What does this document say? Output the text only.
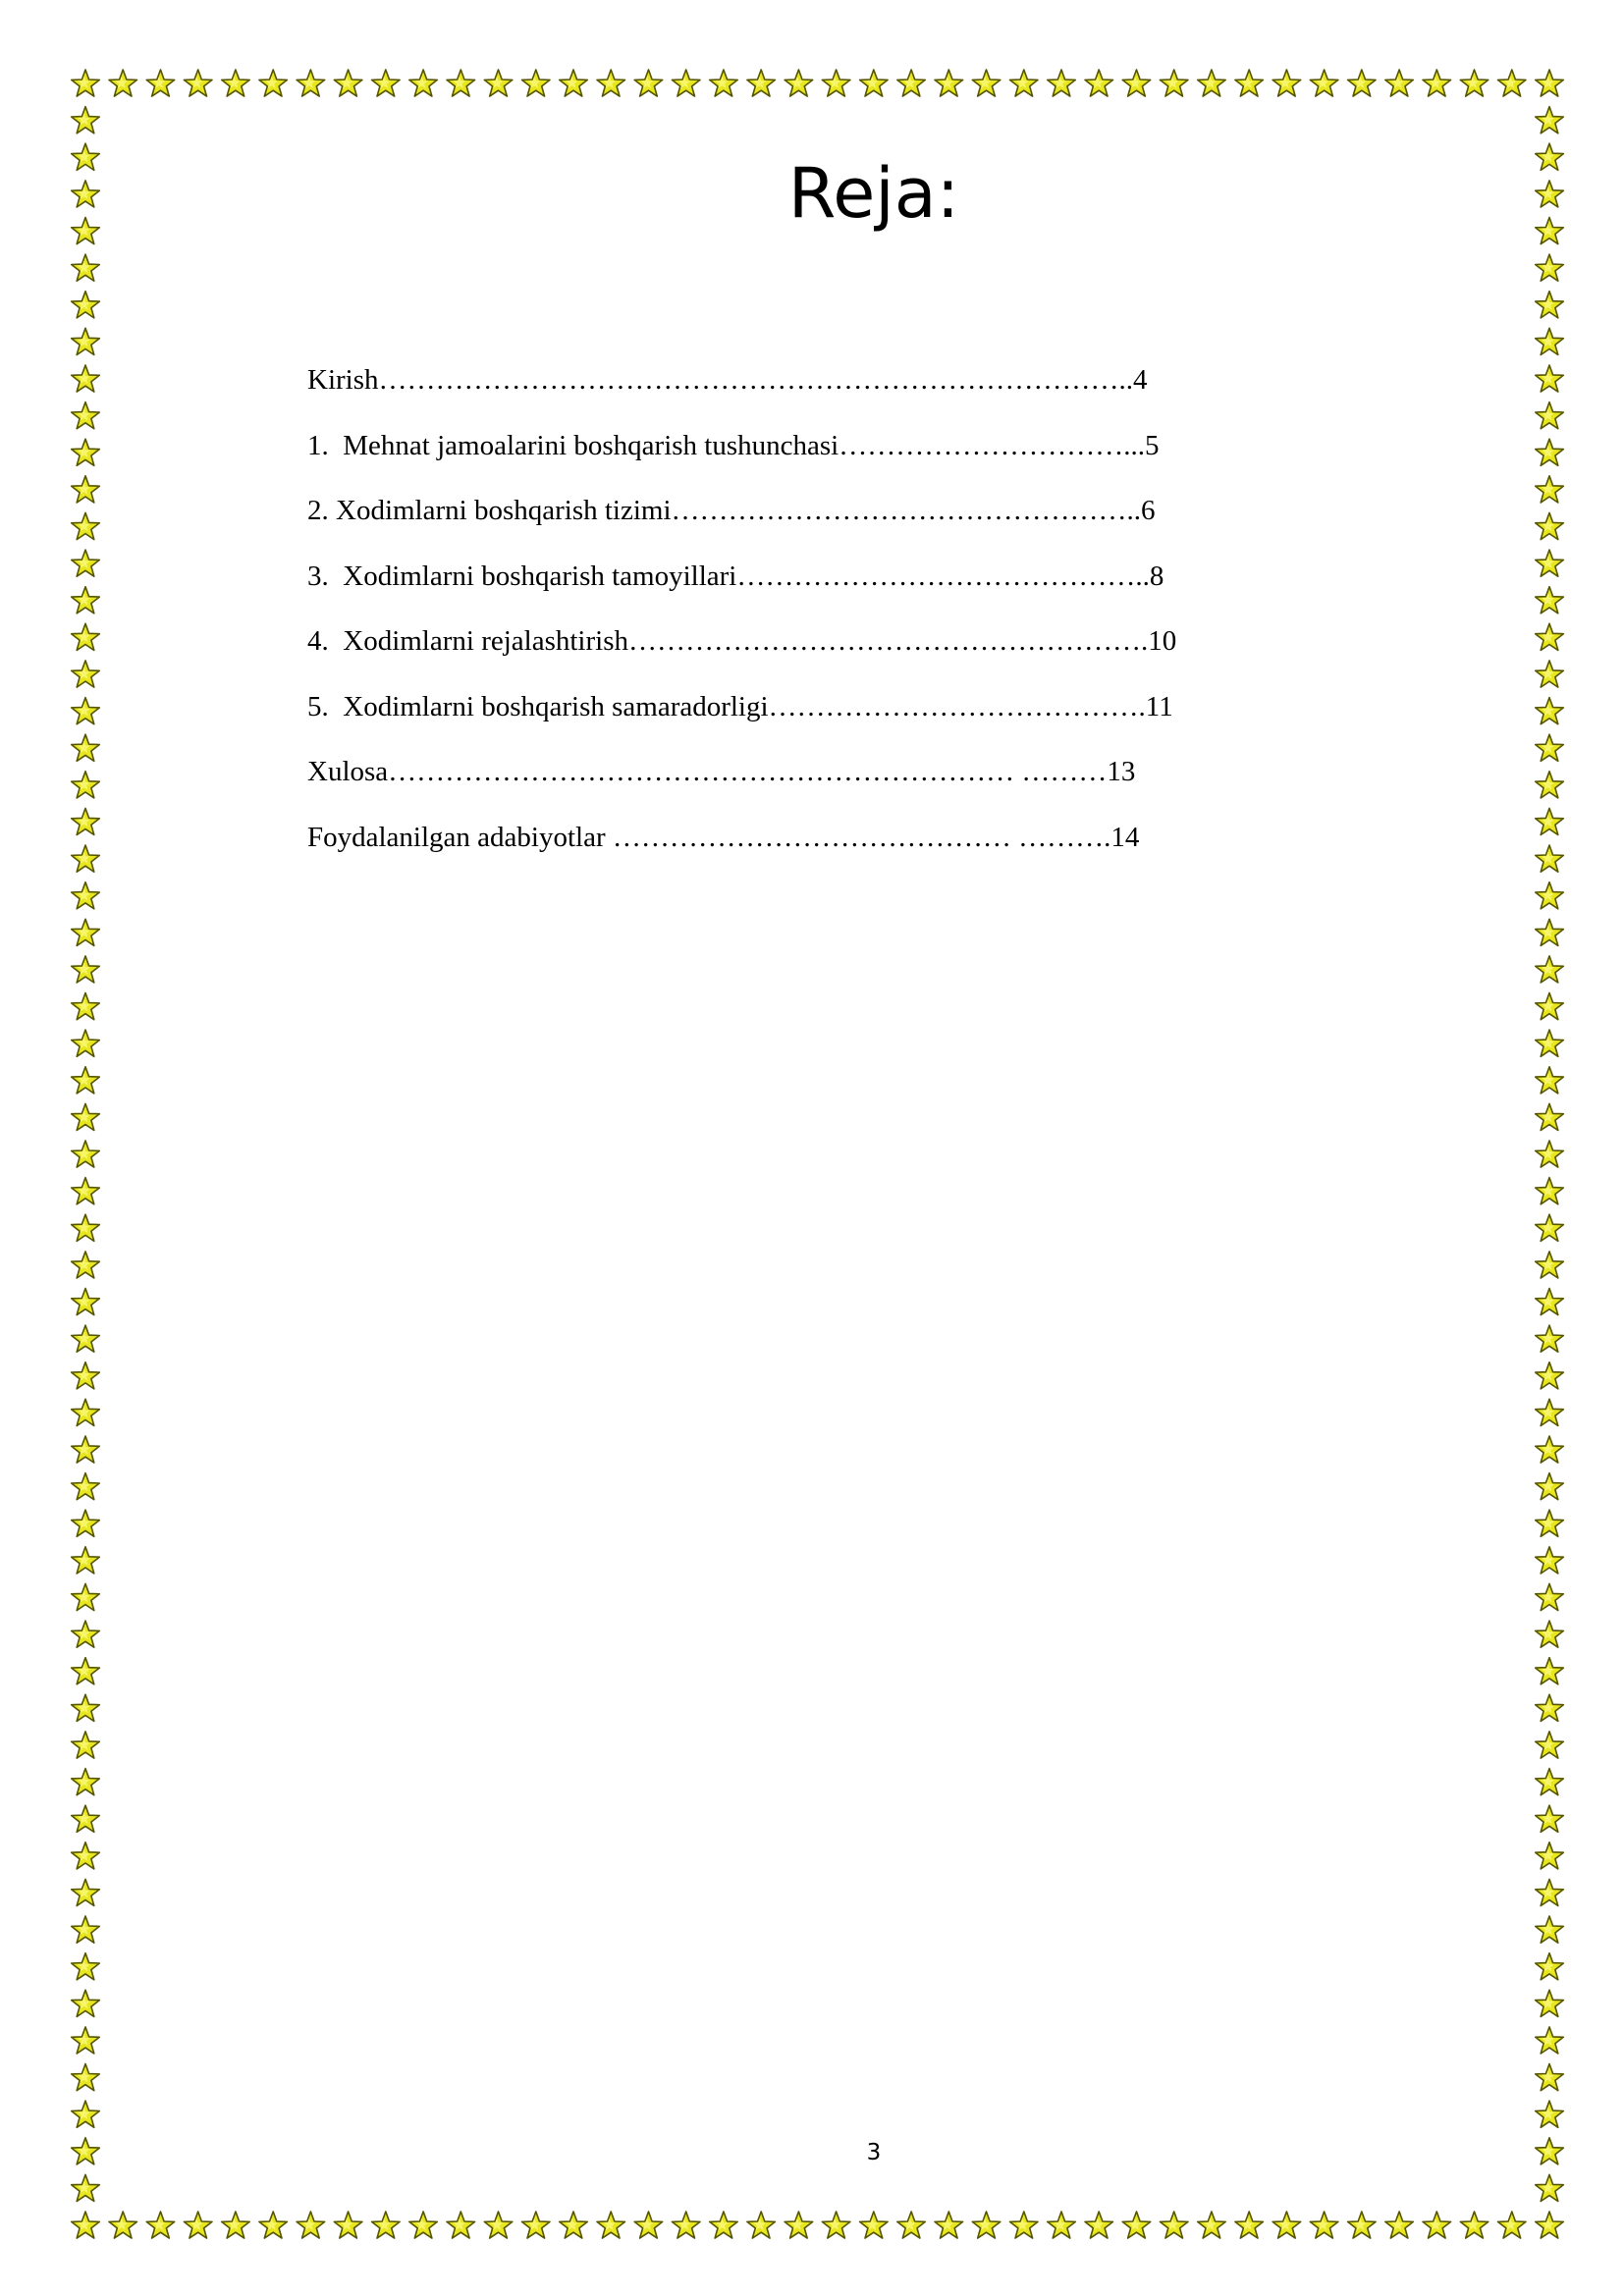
Reja:
Kirish……………………………………………………………………..4
1.  Mehnat jamoalarini boshqarish tushunchasi…………………………...5
2. Xodimlarni boshqarish tizimi…………………………………………..6
3.  Xodimlarni boshqarish tamoyillari……………………………………..8
4.  Xodimlarni rejalashtirish……………………………………………….10
5.  Xodimlarni boshqarish samaradorligi………………………………….11
Xulosa………………………………………………………… ………13
Foydalanilgan adabiyotlar …………………………………… ……….14
3
